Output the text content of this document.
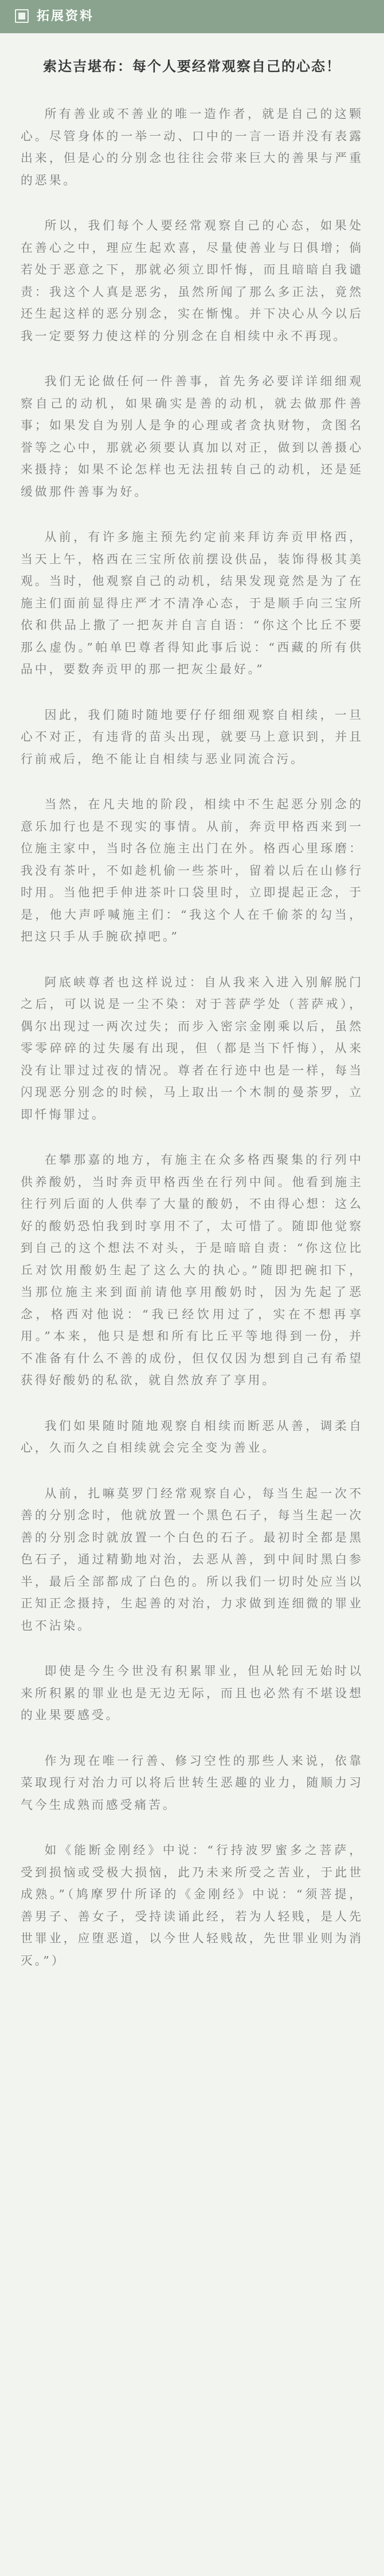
拓展资料
索达吉堪布：每个人要经常观察自己的心态！

所有善业或不善业的唯一造作者，就是自己的这颗心。尽管身体的一举一动、口中的一言一语并没有表露出来，但是心的分别念也往往会带来巨大的善果与严重的恶果。

所以，我们每个人要经常观察自己的心态，如果处在善心之中，理应生起欢喜，尽量使善业与日俱增；倘若处于恶意之下，那就必须立即忏悔，而且暗暗自我谴责：我这个人真是恶劣，虽然所闻了那么多正法，竟然还生起这样的恶分别念，实在惭愧。并下决心从今以后我一定要努力使这样的分别念在自相续中永不再现。

我们无论做任何一件善事，首先务必要详详细细观察自己的动机，如果确实是善的动机，就去做那件善事；如果发自为别人是争的心理或者贪执财物，贪图名誉等之心中，那就必须要认真加以对正，做到以善摄心来摄持；如果不论怎样也无法扭转自己的动机，还是延缓做那件善事为好。

从前，有许多施主预先约定前来拜访奔贡甲格西，当天上午，格西在三宝所依前摆设供品，装饰得极其美观。当时，他观察自己的动机，结果发现竟然是为了在施主们面前显得庄严才不清净心态，于是顺手向三宝所依和供品上撒了一把灰并自言自语：“你这个比丘不要那么虚伪。”帕单巴尊者得知此事后说：“西藏的所有供品中，要数奔贡甲的那一把灰尘最好。”

因此，我们随时随地要仔仔细细观察自相续，一旦心不对正，有违背的苗头出现，就要马上意识到，并且行前戒后，绝不能让自相续与恶业同流合污。

当然，在凡夫地的阶段，相续中不生起恶分别念的意乐加行也是不现实的事情。从前，奔贡甲格西来到一位施主家中，当时各位施主出门在外。格西心里琢磨：我没有茶叶，不如趁机偷一些茶叶，留着以后在山修行时用。当他把手伸进茶叶口袋里时，立即提起正念，于是，他大声呼喊施主们：“我这个人在千偷茶的勾当，把这只手从手腕砍掉吧。”

阿底峡尊者也这样说过：自从我来入进入别解脱门之后，可以说是一尘不染：对于菩萨学处（菩萨戒），偶尔出现过一两次过失；而步入密宗金刚乘以后，虽然零零碎碎的过失屡有出现，但（都是当下忏悔），从来没有让罪过过夜的情况。尊者在行迹中也是一样，每当闪现恶分别念的时候，马上取出一个木制的曼荼罗，立即忏悔罪过。

在攀那嘉的地方，有施主在众多格西聚集的行列中供养酸奶，当时奔贡甲格西坐在行列中间。他看到施主往行列后面的人供奉了大量的酸奶，不由得心想：这么好的酸奶恐怕我到时享用不了，太可惜了。随即他觉察到自己的这个想法不对头，于是暗暗自责：“你这位比丘对饮用酸奶生起了这么大的执心。”随即把碗扣下，当那位施主来到面前请他享用酸奶时，因为先起了恶念，格西对他说：“我已经饮用过了，实在不想再享用。”本来，他只是想和所有比丘平等地得到一份，并不准备有什么不善的成份，但仅仅因为想到自己有希望获得好酸奶的私欲，就自然放弃了享用。

我们如果随时随地观察自相续而断恶从善，调柔自心，久而久之自相续就会完全变为善业。

从前，扎嘛莫罗门经常观察自心，每当生起一次不善的分别念时，他就放置一个黑色石子，每当生起一次善的分别念时就放置一个白色的石子。最初时全都是黑色石子，通过精勤地对治，去恶从善，到中间时黑白参半，最后全部都成了白色的。所以我们一切时处应当以正知正念摄持，生起善的对治，力求做到连细微的罪业也不沾染。

即使是今生今世没有积累罪业，但从轮回无始时以来所积累的罪业也是无边无际，而且也必然有不堪设想的业果要感受。

作为现在唯一行善、修习空性的那些人来说，依靠菜取现行对治力可以将后世转生恶趣的业力，随顺力习气今生成熟而感受痛苦。

如《能断金刚经》中说：“行持波罗蜜多之菩萨，受到损恼或受极大损恼，此乃未来所受之苦业，于此世成熟。”（鸠摩罗什所译的《金刚经》中说：“须菩提，善男子、善女子，受持读诵此经，若为人轻贱，是人先世罪业，应堕恶道，以今世人轻贱故，先世罪业则为消灭。”）
